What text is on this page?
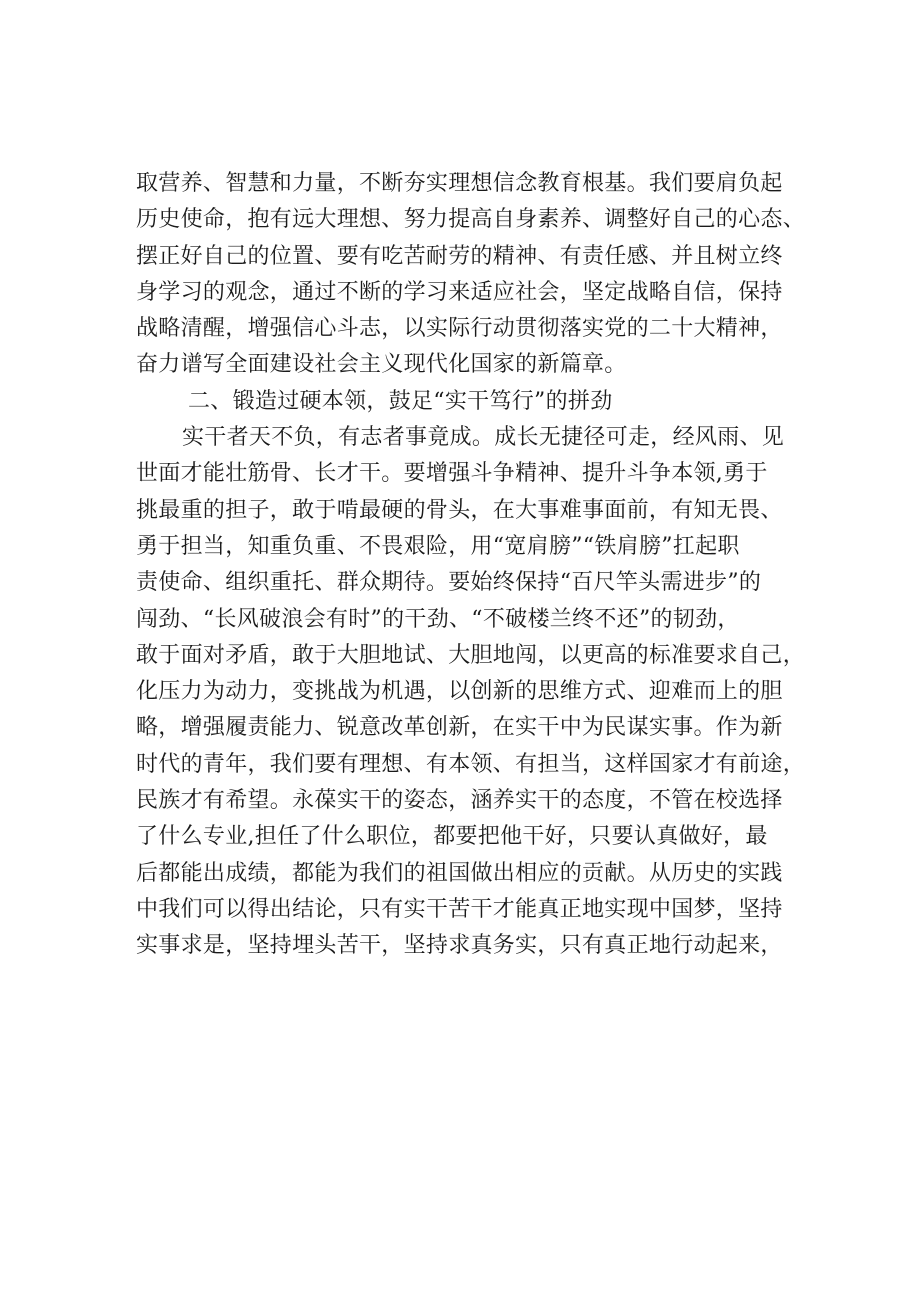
取营养、智慧和力量，不断夯实理想信念教育根基。我们要肩负起
历史使命，抱有远大理想、努力提高自身素养、调整好自己的心态、
摆正好自己的位置、要有吃苦耐劳的精神、有责任感、并且树立终
身学习的观念，通过不断的学习来适应社会，坚定战略自信，保持
战略清醒，增强信心斗志，以实际行动贯彻落实党的二十大精神，
奋力谱写全面建设社会主义现代化国家的新篇章。
二、锻造过硬本领，鼓足“实干笃行”的拼劲
实干者天不负，有志者事竟成。成长无捷径可走，经风雨、见
世面才能壮筋骨、长才干。要增强斗争精神、提升斗争本领,勇于
挑最重的担子，敢于啃最硬的骨头，在大事难事面前，有知无畏、
勇于担当，知重负重、不畏艰险，用“宽肩膀”“铁肩膀”扛起职
责使命、组织重托、群众期待。要始终保持“百尺竿头需进步”的
闯劲、“长风破浪会有时”的干劲、“不破楼兰终不还”的韧劲，
敢于面对矛盾，敢于大胆地试、大胆地闯，以更高的标准要求自己，
化压力为动力，变挑战为机遇，以创新的思维方式、迎难而上的胆
略，增强履责能力、锐意改革创新，在实干中为民谋实事。作为新
时代的青年，我们要有理想、有本领、有担当，这样国家才有前途，
民族才有希望。永葆实干的姿态，涵养实干的态度，不管在校选择
了什么专业,担任了什么职位，都要把他干好，只要认真做好，最
后都能出成绩，都能为我们的祖国做出相应的贡献。从历史的实践
中我们可以得出结论，只有实干苦干才能真正地实现中国梦，坚持
实事求是，坚持埋头苦干，坚持求真务实，只有真正地行动起来，
